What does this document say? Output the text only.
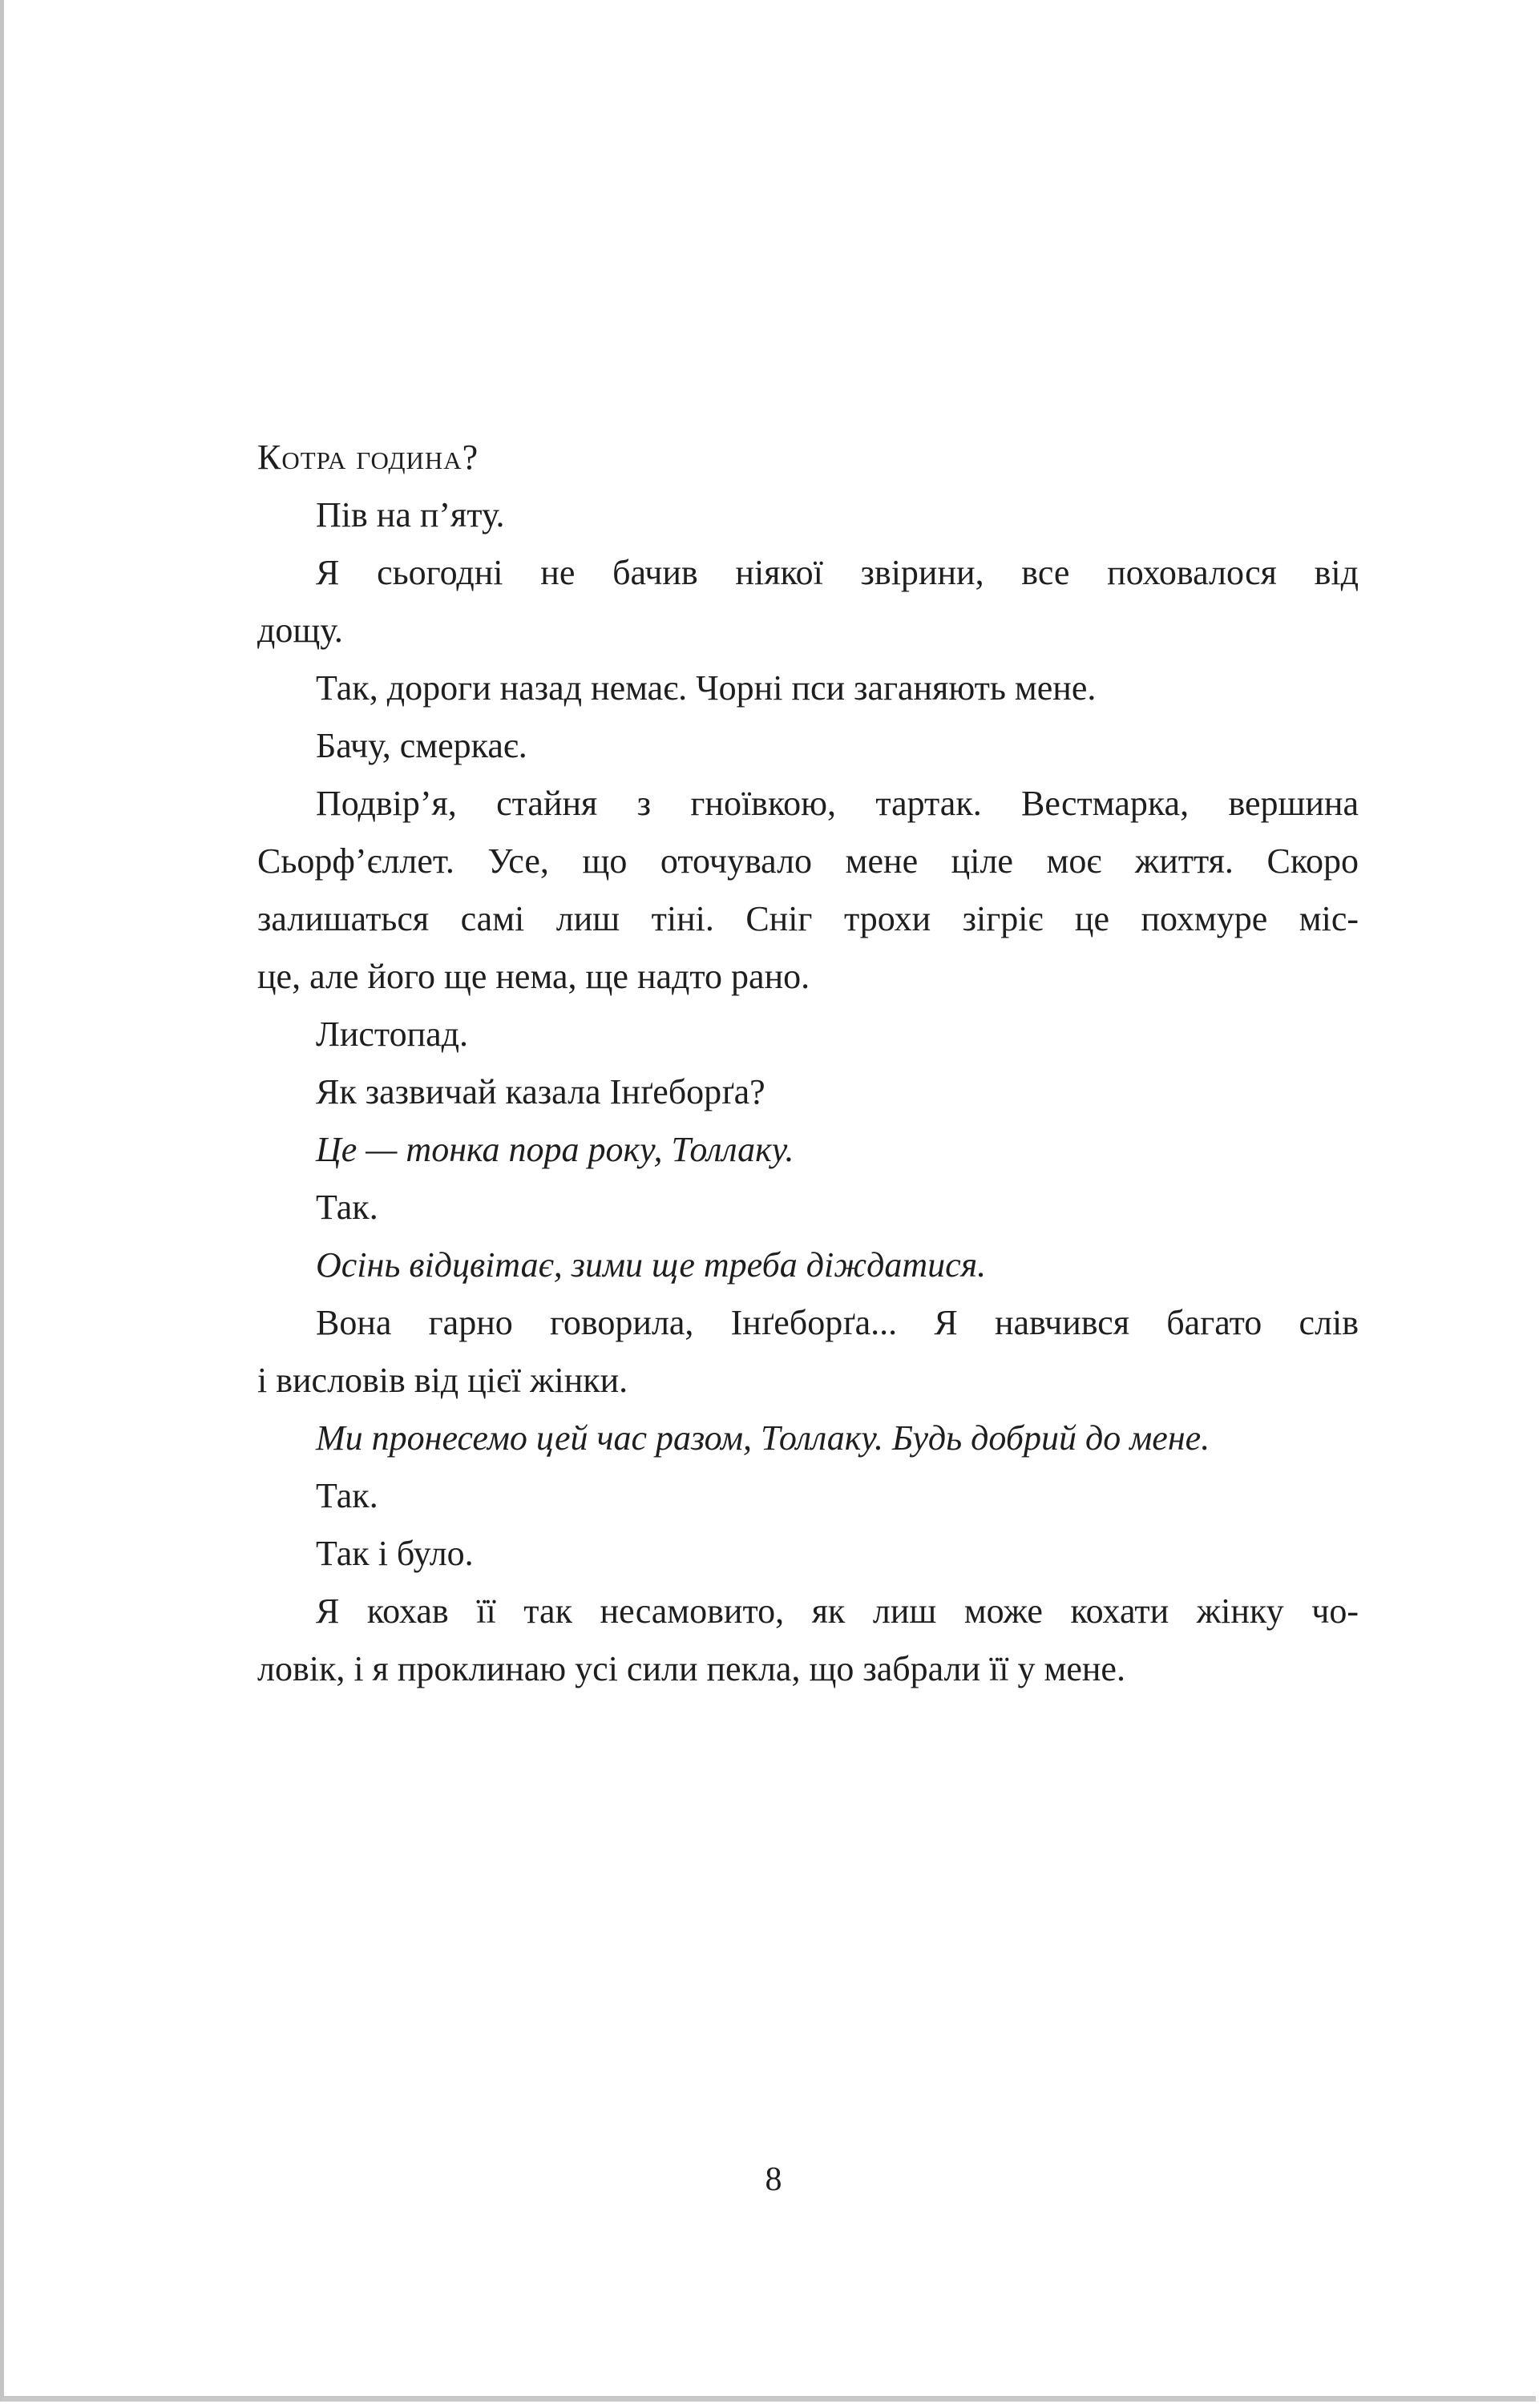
Котра година?
Пів на п’яту.
Я сьогодні не бачив ніякої звірини, все поховалося від
дощу.
Так, дороги назад немає. Чорні пси заганяють мене.
Бачу, смеркає.
Подвір’я, стайня з гноївкою, тартак. Вестмарка, вершина
Сьорф’єллет. Усе, що оточувало мене ціле моє життя. Скоро
залишаться самі лиш тіні. Сніг трохи зігріє це похмуре міс-
це, але його ще нема, ще надто рано.
Листопад.
Як зазвичай казала Інґеборґа?
Це — тонка пора року, Толлаку.
Так.
Осінь відцвітає, зими ще треба діждатися.
Вона гарно говорила, Інґеборґа... Я навчився багато слів
і висловів від цієї жінки.
Ми пронесемо цей час разом, Толлаку. Будь добрий до мене.
Так.
Так і було.
Я кохав її так несамовито, як лиш може кохати жінку чо-
ловік, і я проклинаю усі сили пекла, що забрали її у мене.
8
